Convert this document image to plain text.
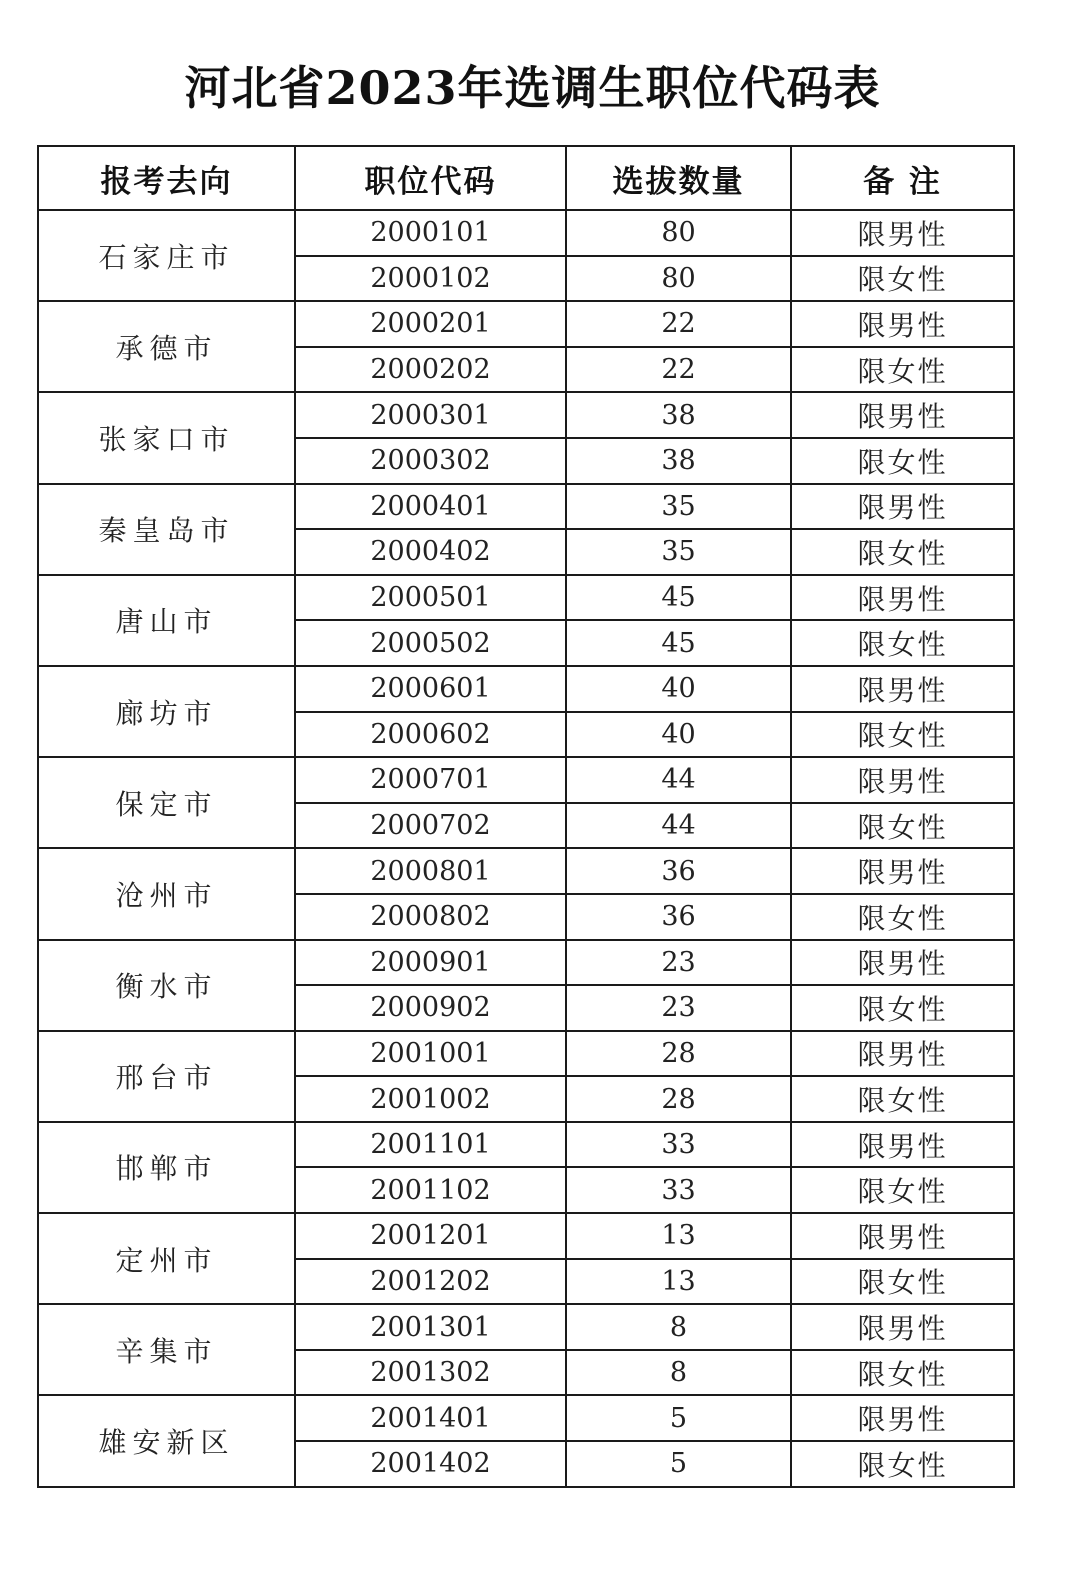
河北省2023年选调生职位代码表
报考去向	职位代码	选拔数量	备 注
石家庄市	2000101	80	限男性
	2000102	80	限女性
承德市	2000201	22	限男性
	2000202	22	限女性
张家口市	2000301	38	限男性
	2000302	38	限女性
秦皇岛市	2000401	35	限男性
	2000402	35	限女性
唐山市	2000501	45	限男性
	2000502	45	限女性
廊坊市	2000601	40	限男性
	2000602	40	限女性
保定市	2000701	44	限男性
	2000702	44	限女性
沧州市	2000801	36	限男性
	2000802	36	限女性
衡水市	2000901	23	限男性
	2000902	23	限女性
邢台市	2001001	28	限男性
	2001002	28	限女性
邯郸市	2001101	33	限男性
	2001102	33	限女性
定州市	2001201	13	限男性
	2001202	13	限女性
辛集市	2001301	8	限男性
	2001302	8	限女性
雄安新区	2001401	5	限男性
	2001402	5	限女性
